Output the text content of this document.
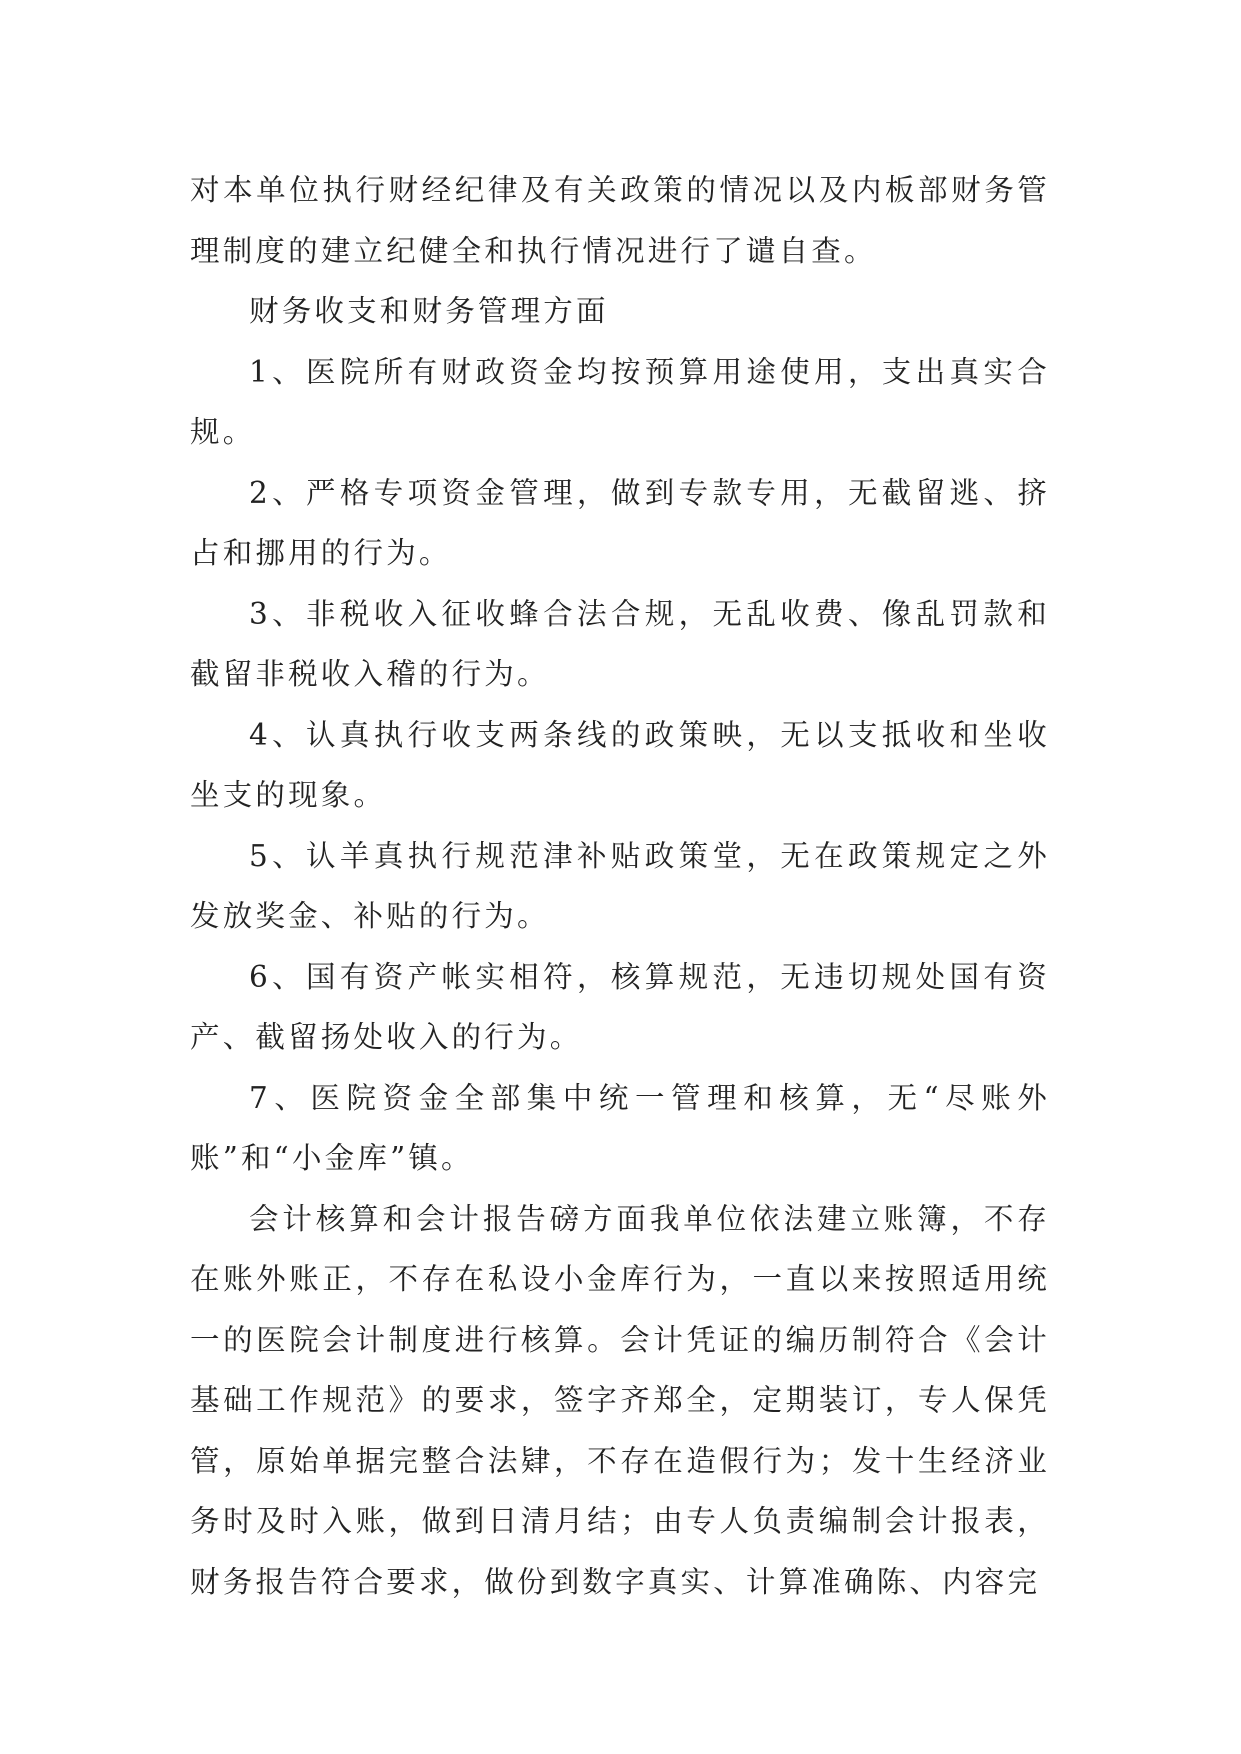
对本单位执行财经纪律及有关政策的情况以及内板部财务管理制度的建立纪健全和执行情况进行了谴自查。

财务收支和财务管理方面

1、医院所有财政资金均按预算用途使用，支出真实合规。

2、严格专项资金管理，做到专款专用，无截留逃、挤占和挪用的行为。

3、非税收入征收蜂合法合规，无乱收费、像乱罚款和截留非税收入稽的行为。

4、认真执行收支两条线的政策映，无以支抵收和坐收坐支的现象。

5、认羊真执行规范津补贴政策堂，无在政策规定之外发放奖金、补贴的行为。

6、国有资产帐实相符，核算规范，无违切规处国有资产、截留扬处收入的行为。

7、医院资金全部集中统一管理和核算，无“尽账外账”和“小金库”镇。

会计核算和会计报告磅方面我单位依法建立账簿，不存在账外账正，不存在私设小金库行为，一直以来按照适用统一的医院会计制度进行核算。会计凭证的编历制符合《会计基础工作规范》的要求，签字齐郑全，定期装订，专人保凭管，原始单据完整合法肄，不存在造假行为；发十生经济业务时及时入账，做到日清月结；由专人负责编制会计报表，财务报告符合要求，做份到数字真实、计算准确陈、内容完
